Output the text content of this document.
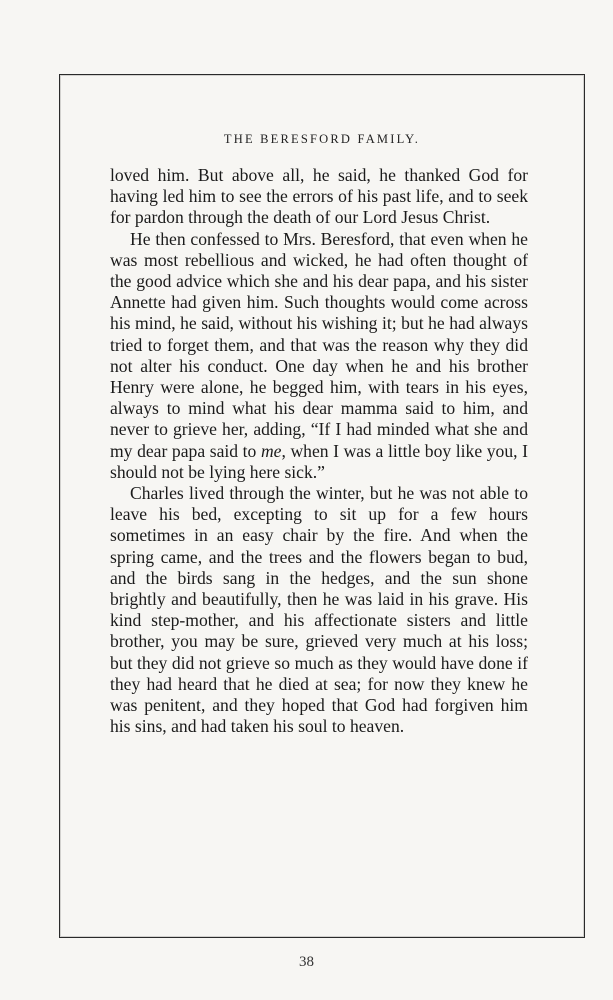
THE BERESFORD FAMILY.

loved him. But above all, he said, he thanked God for having led him to see the errors of his past life, and to seek for pardon through the death of our Lord Jesus Christ.

He then confessed to Mrs. Beresford, that even when he was most rebellious and wicked, he had often thought of the good advice which she and his dear papa, and his sister Annette had given him. Such thoughts would come across his mind, he said, without his wishing it; but he had always tried to forget them, and that was the reason why they did not alter his conduct. One day when he and his brother Henry were alone, he begged him, with tears in his eyes, always to mind what his dear mamma said to him, and never to grieve her, adding, “If I had minded what she and my dear papa said to me, when I was a little boy like you, I should not be lying here sick.”

Charles lived through the winter, but he was not able to leave his bed, excepting to sit up for a few hours sometimes in an easy chair by the fire. And when the spring came, and the trees and the flowers began to bud, and the birds sang in the hedges, and the sun shone brightly and beautifully, then he was laid in his grave. His kind step-mother, and his affectionate sisters and little brother, you may be sure, grieved very much at his loss; but they did not grieve so much as they would have done if they had heard that he died at sea; for now they knew he was penitent, and they hoped that God had forgiven him his sins, and had taken his soul to heaven.

38
